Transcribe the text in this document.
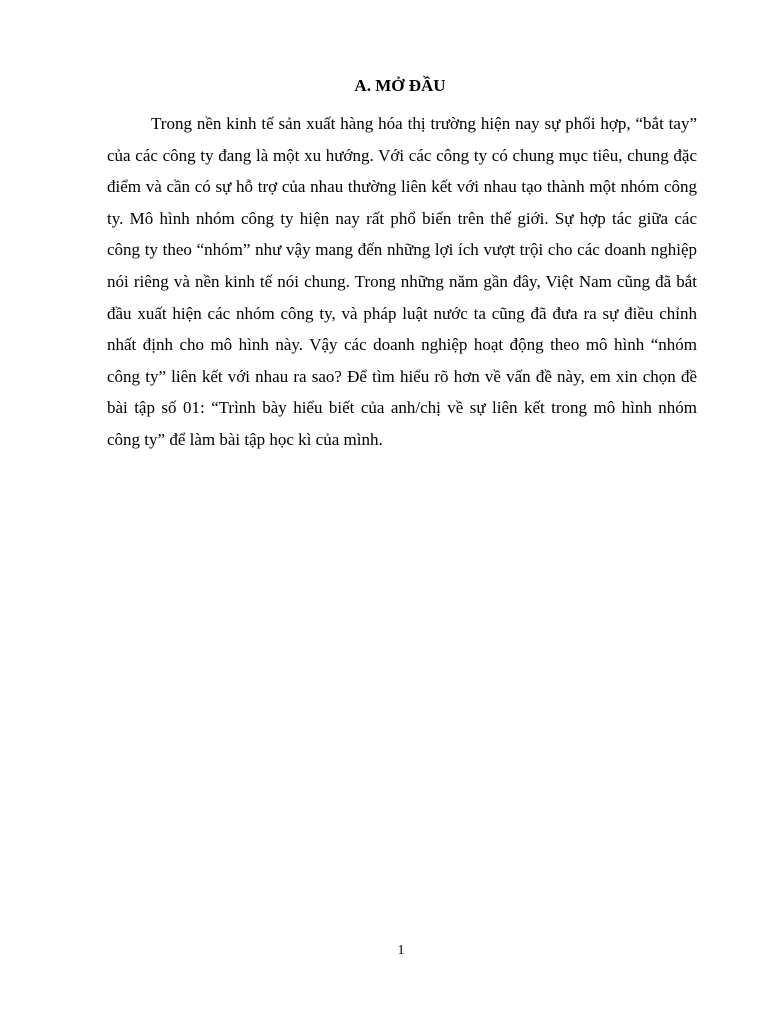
A. MỞ ĐẦU

Trong nền kinh tế sản xuất hàng hóa thị trường hiện nay sự phối hợp, “bắt tay” của các công ty đang là một xu hướng. Với các công ty có chung mục tiêu, chung đặc điểm và cần có sự hỗ trợ của nhau thường liên kết với nhau tạo thành một nhóm công ty. Mô hình nhóm công ty hiện nay rất phổ biến trên thế giới. Sự hợp tác giữa các công ty theo “nhóm” như vậy mang đến những lợi ích vượt trội cho các doanh nghiệp nói riêng và nền kinh tế nói chung. Trong những năm gần đây, Việt Nam cũng đã bắt đầu xuất hiện các nhóm công ty, và pháp luật nước ta cũng đã đưa ra sự điều chỉnh nhất định cho mô hình này. Vậy các doanh nghiệp hoạt động theo mô hình “nhóm công ty” liên kết với nhau ra sao? Để tìm hiểu rõ hơn về vấn đề này, em xin chọn đề bài tập số 01: “Trình bày hiểu biết của anh/chị về sự liên kết trong mô hình nhóm công ty” để làm bài tập học kì của mình.

1
